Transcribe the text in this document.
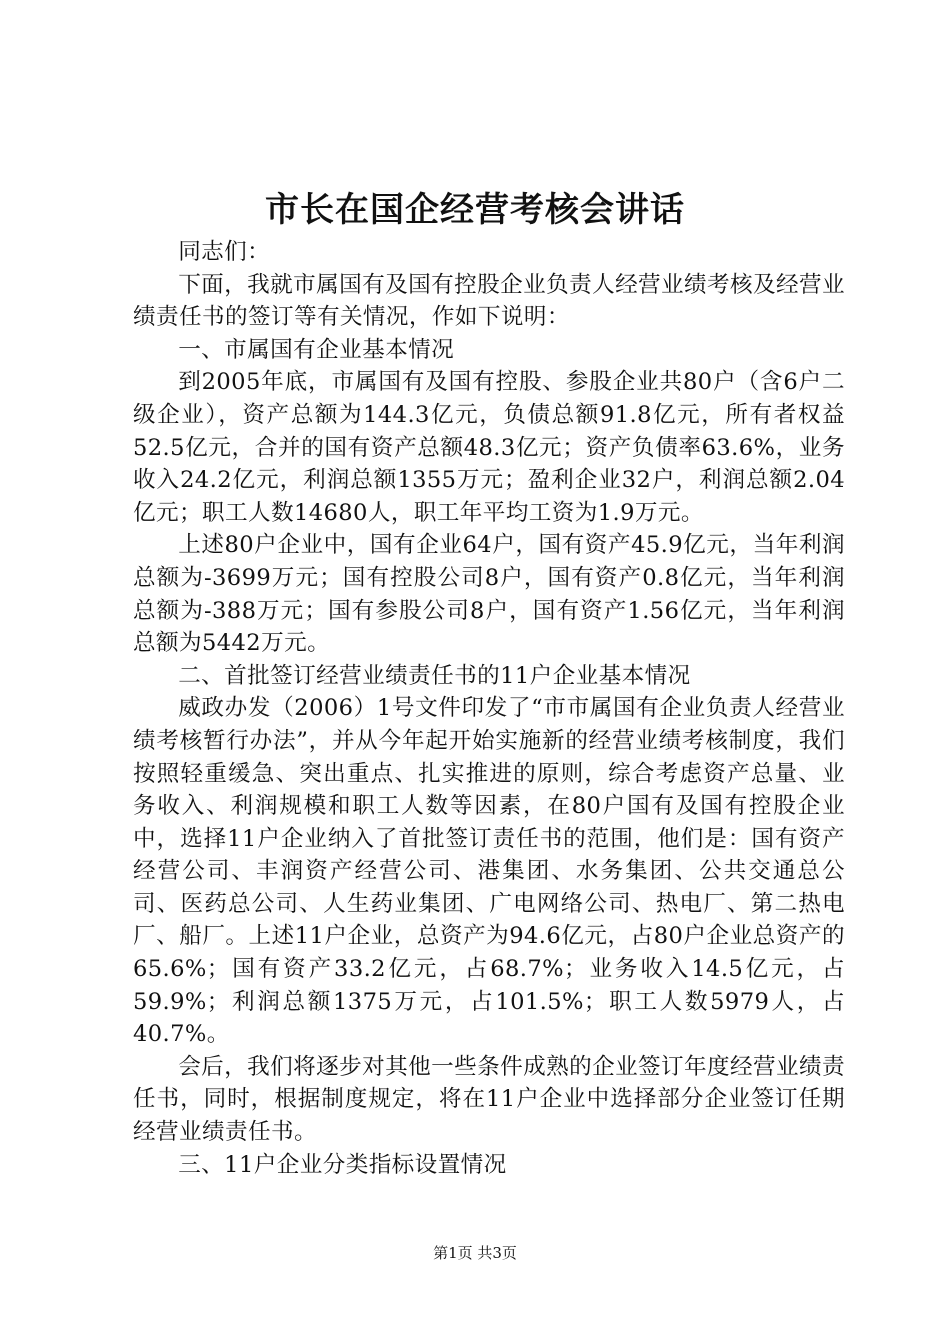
市长在国企经营考核会讲话

同志们：

下面，我就市属国有及国有控股企业负责人经营业绩考核及经营业绩责任书的签订等有关情况，作如下说明：

一、市属国有企业基本情况

到2005年底，市属国有及国有控股、参股企业共80户（含6户二级企业），资产总额为144.3亿元，负债总额91.8亿元，所有者权益52.5亿元，合并的国有资产总额48.3亿元；资产负债率63.6%，业务收入24.2亿元，利润总额1355万元；盈利企业32户，利润总额2.04亿元；职工人数14680人，职工年平均工资为1.9万元。

上述80户企业中，国有企业64户，国有资产45.9亿元，当年利润总额为-3699万元；国有控股公司8户，国有资产0.8亿元，当年利润总额为-388万元；国有参股公司8户，国有资产1.56亿元，当年利润总额为5442万元。

二、首批签订经营业绩责任书的11户企业基本情况

威政办发（2006）1号文件印发了“市市属国有企业负责人经营业绩考核暂行办法”，并从今年起开始实施新的经营业绩考核制度，我们按照轻重缓急、突出重点、扎实推进的原则，综合考虑资产总量、业务收入、利润规模和职工人数等因素，在80户国有及国有控股企业中，选择11户企业纳入了首批签订责任书的范围，他们是：国有资产经营公司、丰润资产经营公司、港集团、水务集团、公共交通总公司、医药总公司、人生药业集团、广电网络公司、热电厂、第二热电厂、船厂。上述11户企业，总资产为94.6亿元，占80户企业总资产的65.6%；国有资产33.2亿元，占68.7%；业务收入14.5亿元，占59.9%；利润总额1375万元，占101.5%；职工人数5979人，占40.7%。

会后，我们将逐步对其他一些条件成熟的企业签订年度经营业绩责任书，同时，根据制度规定，将在11户企业中选择部分企业签订任期经营业绩责任书。

三、11户企业分类指标设置情况

第1页 共3页
